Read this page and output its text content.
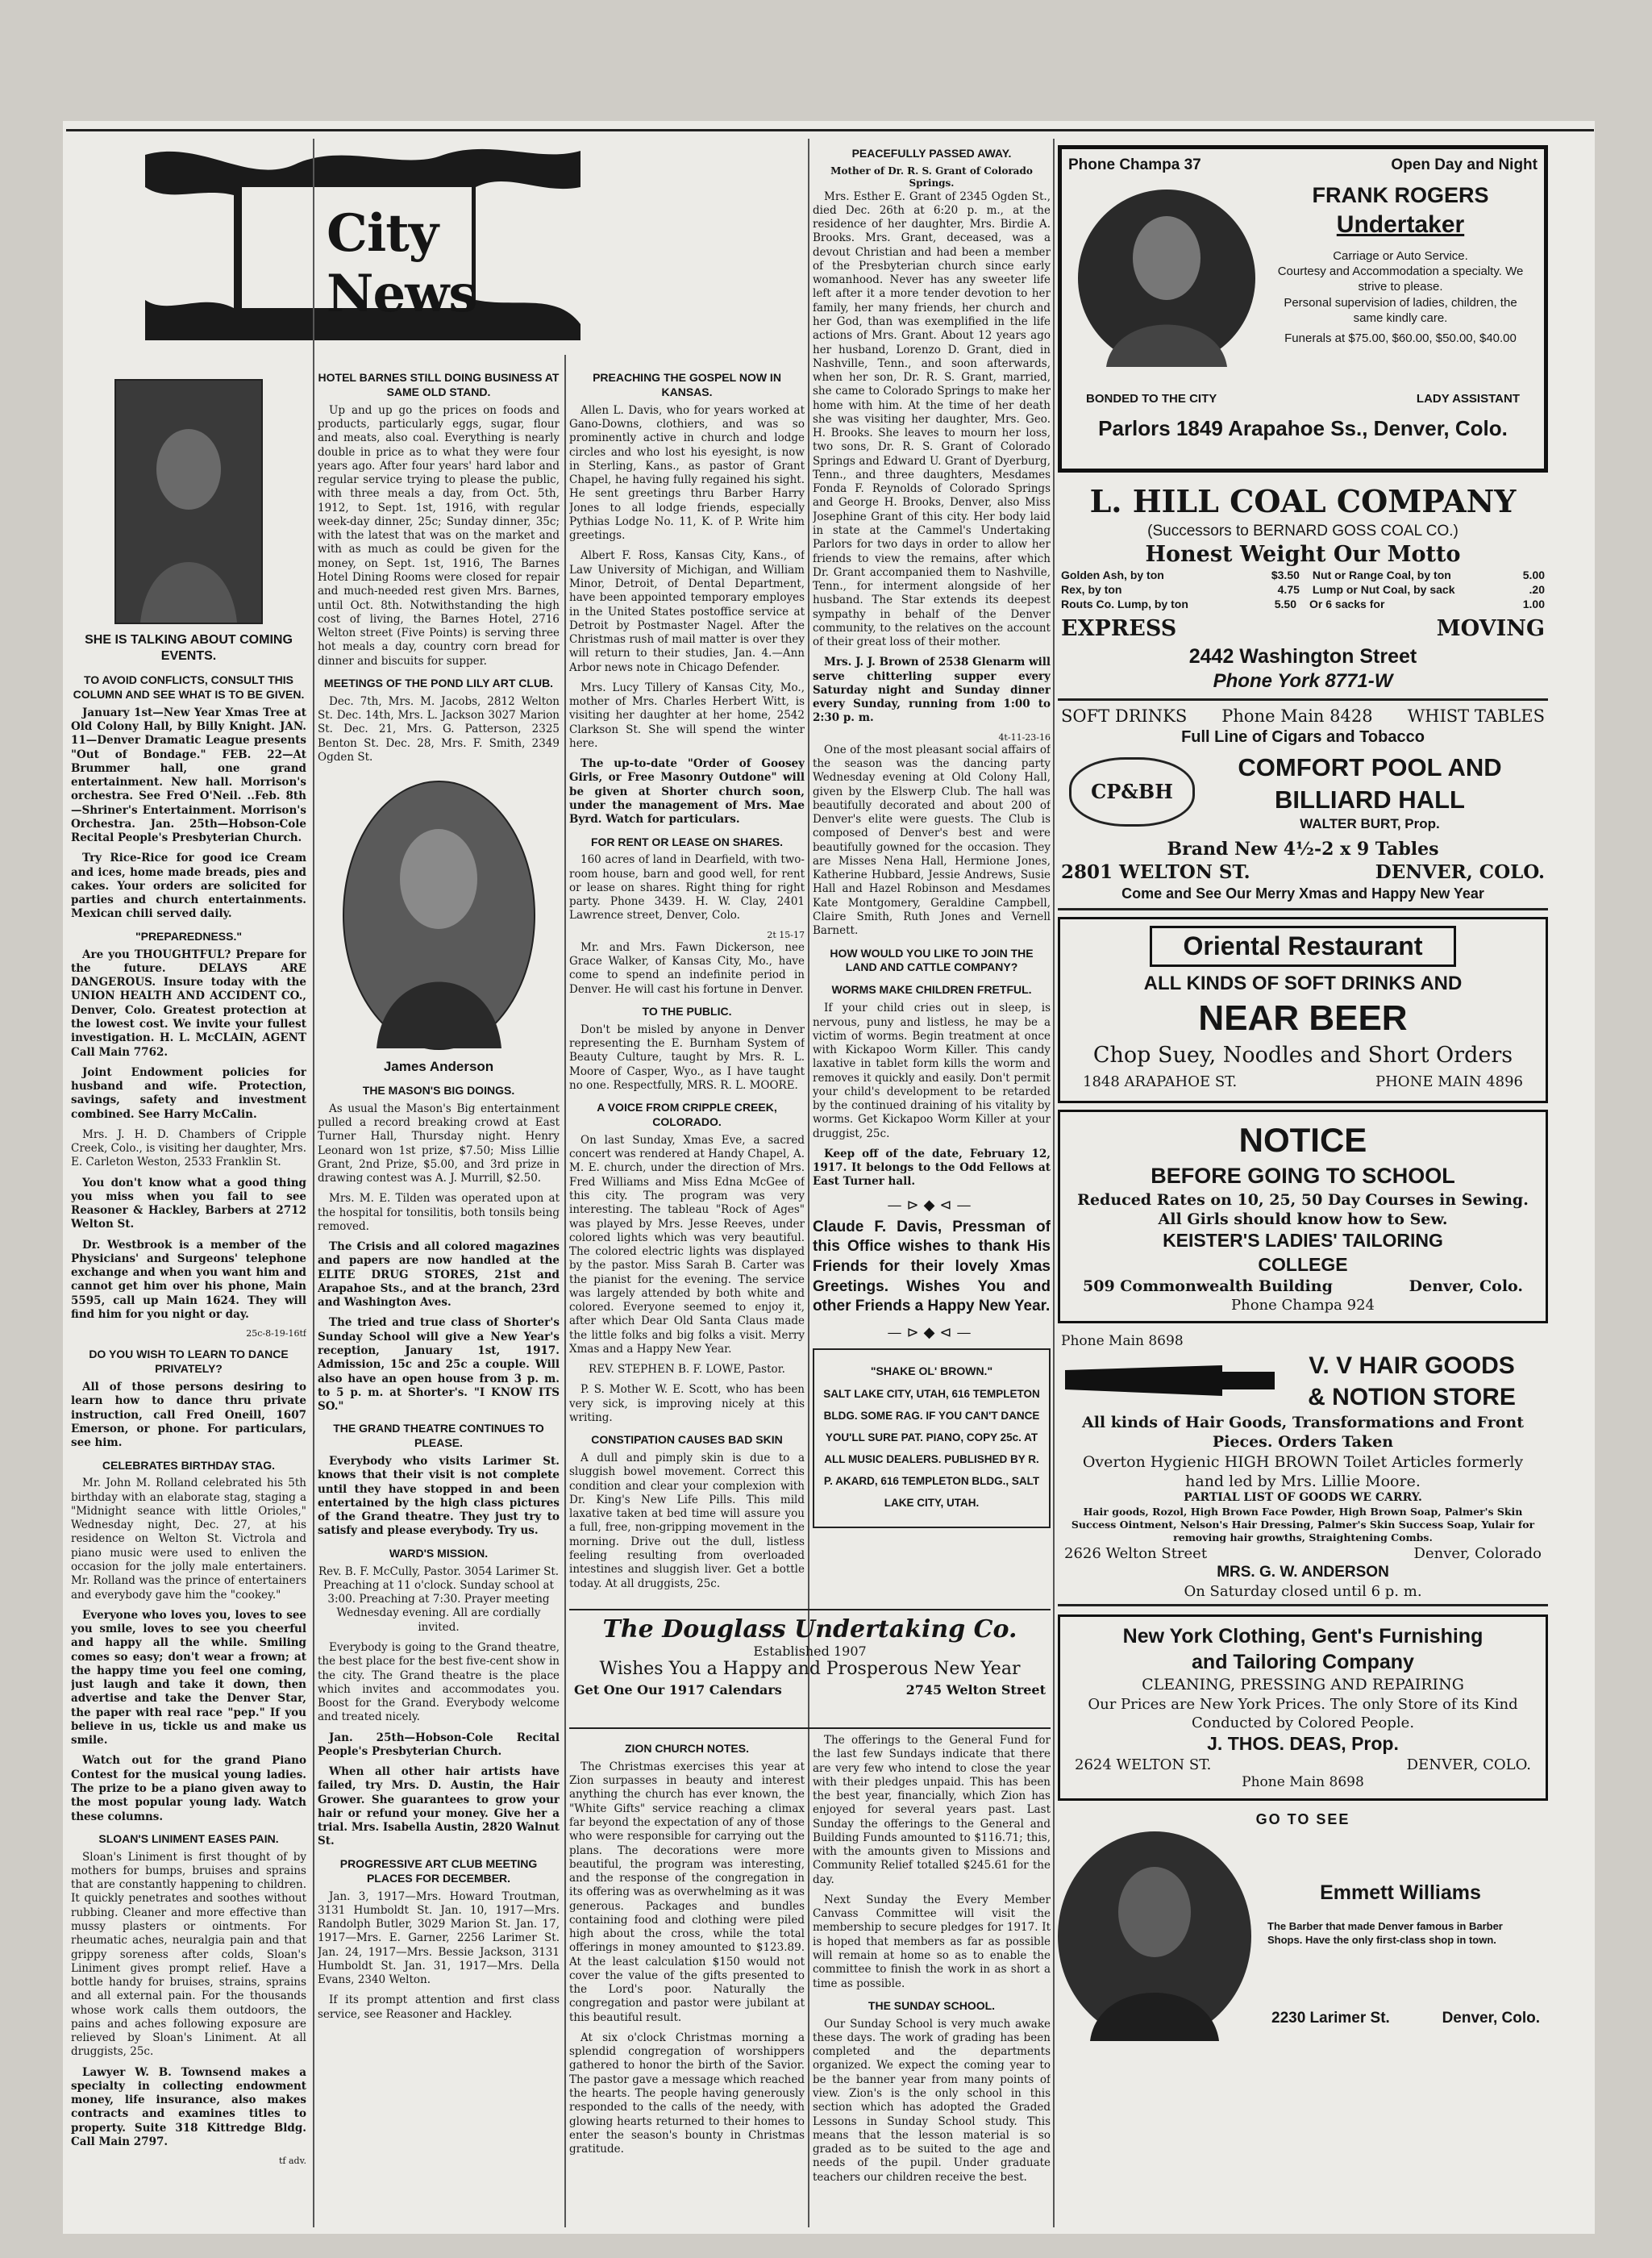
City News
SHE IS TALKING ABOUT COMING EVENTS.
TO AVOID CONFLICTS, CONSULT THIS COLUMN AND SEE WHAT IS TO BE GIVEN.

January 1st—New Year Xmas Tree at Old Colony Hall, by Billy Knight. JAN. 11—Denver Dramatic League presents "Out of Bondage." FEB. 22—At Brummer hall, one grand entertainment. New hall. Morrison's orchestra. See Fred O'Neil. ..Feb. 8th—Shriner's Entertainment. Morrison's Orchestra. Jan. 25th—Hobson-Cole Recital People's Presbyterian Church.

Try Rice-Rice for good ice Cream and ices, home made breads, pies and cakes. Your orders are solicited for parties and church entertainments. Mexican chili served daily.

"PREPAREDNESS."

Are you THOUGHTFUL? Prepare for the future. DELAYS ARE DANGEROUS. Insure today with the UNION HEALTH AND ACCIDENT CO., Denver, Colo. Greatest protection at the lowest cost. We invite your fullest investigation. H. L. McCLAIN, AGENT Call Main 7762.

Joint Endowment policies for husband and wife. Protection, savings, safety and investment combined. See Harry McCalin.

Mrs. J. H. D. Chambers of Cripple Creek, Colo., is visiting her daughter, Mrs. E. Carleton Weston, 2533 Franklin St.

You don't know what a good thing you miss when you fail to see Reasoner & Hackley, Barbers at 2712 Welton St.

Dr. Westbrook is a member of the Physicians' and Surgeons' telephone exchange and when you want him and cannot get him over his phone, Main 5595, call up Main 1624. They will find him for you night or day.

25c-8-19-16tf
DO YOU WISH TO LEARN TO DANCE PRIVATELY?

All of those persons desiring to learn how to dance thru private instruction, call Fred Oneill, 1607 Emerson, or phone. For particulars, see him.

CELEBRATES BIRTHDAY STAG.

Mr. John M. Rolland celebrated his 5th birthday with an elaborate stag, staging a "Midnight seance with little Orioles," Wednesday night, Dec. 27, at his residence on Welton St. Victrola and piano music were used to enliven the occasion for the jolly male entertainers. Mr. Rolland was the prince of entertainers and everybody gave him the "cookey."

Everyone who loves you, loves to see you smile, loves to see you cheerful and happy all the while. Smiling comes so easy; don't wear a frown; at the happy time you feel one coming, just laugh and take it down, then advertise and take the Denver Star, the paper with real race "pep." If you believe in us, tickle us and make us smile.

Watch out for the grand Piano Contest for the musical young ladies. The prize to be a piano given away to the most popular young lady. Watch these columns.

SLOAN'S LINIMENT EASES PAIN.

Sloan's Liniment is first thought of by mothers for bumps, bruises and sprains that are constantly happening to children. It quickly penetrates and soothes without rubbing. Cleaner and more effective than mussy plasters or ointments. For rheumatic aches, neuralgia pain and that grippy soreness after colds, Sloan's Liniment gives prompt relief. Have a bottle handy for bruises, strains, sprains and all external pain. For the thousands whose work calls them outdoors, the pains and aches following exposure are relieved by Sloan's Liniment. At all druggists, 25c.

Lawyer W. B. Townsend makes a specialty in collecting endowment money, life insurance, also makes contracts and examines titles to property. Suite 318 Kittredge Bldg. Call Main 2797.

tf adv.
HOTEL BARNES STILL DOING BUSINESS AT SAME OLD STAND.

Up and up go the prices on foods and products, particularly eggs, sugar, flour and meats, also coal. Everything is nearly double in price as to what they were four years ago. After four years' hard labor and regular service trying to please the public, with three meals a day, from Oct. 5th, 1912, to Sept. 1st, 1916, with regular week-day dinner, 25c; Sunday dinner, 35c; with the latest that was on the market and with as much as could be given for the money, on Sept. 1st, 1916, The Barnes Hotel Dining Rooms were closed for repair and much-needed rest given Mrs. Barnes, until Oct. 8th. Notwithstanding the high cost of living, the Barnes Hotel, 2716 Welton street (Five Points) is serving three hot meals a day, country corn bread for dinner and biscuits for supper.

MEETINGS OF THE POND LILY ART CLUB.

Dec. 7th, Mrs. M. Jacobs, 2812 Welton St. Dec. 14th, Mrs. L. Jackson 3027 Marion St. Dec. 21, Mrs. G. Patterson, 2325 Benton St. Dec. 28, Mrs. F. Smith, 2349 Ogden St.

James Anderson
THE MASON'S BIG DOINGS.

As usual the Mason's Big entertainment pulled a record breaking crowd at East Turner Hall, Thursday night. Henry Leonard won 1st prize, $7.50; Miss Lillie Grant, 2nd Prize, $5.00, and 3rd prize in drawing contest was A. J. Murrill, $2.50.

Mrs. M. E. Tilden was operated upon at the hospital for tonsilitis, both tonsils being removed.

The Crisis and all colored magazines and papers are now handled at the ELITE DRUG STORES, 21st and Arapahoe Sts., and at the branch, 23rd and Washington Aves.

The tried and true class of Shorter's Sunday School will give a New Year's reception, January 1st, 1917. Admission, 15c and 25c a couple. Will also have an open house from 3 p. m. to 5 p. m. at Shorter's. "I KNOW ITS SO."

THE GRAND THEATRE CONTINUES TO PLEASE.

Everybody who visits Larimer St. knows that their visit is not complete until they have stopped in and been entertained by the high class pictures of the Grand theatre. They just try to satisfy and please everybody. Try us.

WARD'S MISSION.

Rev. B. F. McCully, Pastor. 3054 Larimer St. Preaching at 11 o'clock. Sunday school at 3:00. Preaching at 7:30. Prayer meeting Wednesday evening. All are cordially invited.

Everybody is going to the Grand theatre, the best place for the best five-cent show in the city. The Grand theatre is the place which invites and accommodates you. Boost for the Grand. Everybody welcome and treated nicely.

Jan. 25th—Hobson-Cole Recital People's Presbyterian Church.

When all other hair artists have failed, try Mrs. D. Austin, the Hair Grower. She guarantees to grow your hair or refund your money. Give her a trial. Mrs. Isabella Austin, 2820 Walnut St.

PROGRESSIVE ART CLUB MEETING PLACES FOR DECEMBER.

Jan. 3, 1917—Mrs. Howard Troutman, 3131 Humboldt St. Jan. 10, 1917—Mrs. Randolph Butler, 3029 Marion St. Jan. 17, 1917—Mrs. E. Garner, 2256 Larimer St. Jan. 24, 1917—Mrs. Bessie Jackson, 3131 Humboldt St. Jan. 31, 1917—Mrs. Della Evans, 2340 Welton.

If its prompt attention and first class service, see Reasoner and Hackley.

PREACHING THE GOSPEL NOW IN KANSAS.

Allen L. Davis, who for years worked at Gano-Downs, clothiers, and was so prominently active in church and lodge circles and who lost his eyesight, is now in Sterling, Kans., as pastor of Grant Chapel, he having fully regained his sight. He sent greetings thru Barber Harry Jones to all lodge friends, especially Pythias Lodge No. 11, K. of P. Write him greetings.

Albert F. Ross, Kansas City, Kans., of Law University of Michigan, and William Minor, Detroit, of Dental Department, have been appointed temporary employes in the United States postoffice service at Detroit by Postmaster Nagel. After the Christmas rush of mail matter is over they will return to their studies, Jan. 4.—Ann Arbor news note in Chicago Defender.

Mrs. Lucy Tillery of Kansas City, Mo., mother of Mrs. Charles Herbert Witt, is visiting her daughter at her home, 2542 Clarkson St. She will spend the winter here.

The up-to-date "Order of Goosey Girls, or Free Masonry Outdone" will be given at Shorter church soon, under the management of Mrs. Mae Byrd. Watch for particulars.

FOR RENT OR LEASE ON SHARES.

160 acres of land in Dearfield, with two-room house, barn and good well, for rent or lease on shares. Right thing for right party. Phone 3439. H. W. Clay, 2401 Lawrence street, Denver, Colo.

2t 15-17

Mr. and Mrs. Fawn Dickerson, nee Grace Walker, of Kansas City, Mo., have come to spend an indefinite period in Denver. He will cast his fortune in Denver.

TO THE PUBLIC.

Don't be misled by anyone in Denver representing the E. Burnham System of Beauty Culture, taught by Mrs. R. L. Moore of Casper, Wyo., as I have taught no one. Respectfully, MRS. R. L. MOORE.

A VOICE FROM CRIPPLE CREEK, COLORADO.

On last Sunday, Xmas Eve, a sacred concert was rendered at Handy Chapel, A. M. E. church, under the direction of Mrs. Fred Williams and Miss Edna McGee of this city. The program was very interesting. The tableau "Rock of Ages" was played by Mrs. Jesse Reeves, under colored lights which was very beautiful. The colored electric lights was displayed by the pastor. Miss Sarah B. Carter was the pianist for the evening. The service was largely attended by both white and colored. Everyone seemed to enjoy it, after which Dear Old Santa Claus made the little folks and big folks a visit. Merry Xmas and a Happy New Year.

REV. STEPHEN B. F. LOWE, Pastor.

P. S. Mother W. E. Scott, who has been very sick, is improving nicely at this writing.

CONSTIPATION CAUSES BAD SKIN

A dull and pimply skin is due to a sluggish bowel movement. Correct this condition and clear your complexion with Dr. King's New Life Pills. This mild laxative taken at bed time will assure you a full, free, non-gripping movement in the morning. Drive out the dull, listless feeling resulting from overloaded intestines and sluggish liver. Get a bottle today. At all druggists, 25c.

PEACEFULLY PASSED AWAY.
Mother of Dr. R. S. Grant of Colorado Springs.

Mrs. Esther E. Grant of 2345 Ogden St., died Dec. 26th at 6:20 p. m., at the residence of her daughter, Mrs. Birdie A. Brooks. Mrs. Grant, deceased, was a devout Christian and had been a member of the Presbyterian church since early womanhood. Never has any sweeter life left after it a more tender devotion to her family, her many friends, her church and her God, than was exemplified in the life actions of Mrs. Grant. About 12 years ago her husband, Lorenzo D. Grant, died in Nashville, Tenn., and soon afterwards, when her son, Dr. R. S. Grant, married, she came to Colorado Springs to make her home with him. At the time of her death she was visiting her daughter, Mrs. Geo. H. Brooks. She leaves to mourn her loss, two sons, Dr. R. S. Grant of Colorado Springs and Edward U. Grant of Dyerburg, Tenn., and three daughters, Mesdames Fonda F. Reynolds of Colorado Springs and George H. Brooks, Denver, also Miss Josephine Grant of this city. Her body laid in state at the Cammel's Undertaking Parlors for two days in order to allow her friends to view the remains, after which Dr. Grant accompanied them to Nashville, Tenn., for interment alongside of her husband. The Star extends its deepest sympathy in behalf of the Denver community, to the relatives on the account of their great loss of their mother.

Mrs. J. J. Brown of 2538 Glenarm will serve chitterling supper every Saturday night and Sunday dinner every Sunday, running from 1:00 to 2:30 p. m.

4t-11-23-16

One of the most pleasant social affairs of the season was the dancing party Wednesday evening at Old Colony Hall, given by the Elswerp Club. The hall was beautifully decorated and about 200 of Denver's elite were guests. The Club is composed of Denver's best and were beautifully gowned for the occasion. They are Misses Nena Hall, Hermione Jones, Katherine Hubbard, Jessie Andrews, Susie Hall and Hazel Robinson and Mesdames Kate Montgomery, Geraldine Campbell, Claire Smith, Ruth Jones and Vernell Barnett.

HOW WOULD YOU LIKE TO JOIN THE LAND AND CATTLE COMPANY?
WORMS MAKE CHILDREN FRETFUL.

If your child cries out in sleep, is nervous, puny and listless, he may be a victim of worms. Begin treatment at once with Kickapoo Worm Killer. This candy laxative in tablet form kills the worm and removes it quickly and easily. Don't permit your child's development to be retarded by the continued draining of his vitality by worms. Get Kickapoo Worm Killer at your druggist, 25c.

Keep off of the date, February 12, 1917. It belongs to the Odd Fellows at East Turner hall.

—⊳◆⊲—

Claude F. Davis, Pressman of this Office wishes to thank His Friends for their lovely Xmas Greetings. Wishes You and other Friends a Happy New Year.

—⊳◆⊲—
"SHAKE OL' BROWN."

SALT LAKE CITY, UTAH, 616 TEMPLETON BLDG. SOME RAG. IF YOU CAN'T DANCE YOU'LL SURE PAT. PIANO, COPY 25c. AT ALL MUSIC DEALERS. PUBLISHED BY R. P. AKARD, 616 TEMPLETON BLDG., SALT LAKE CITY, UTAH.

The Douglass Undertaking Co.
Established 1907
Wishes You a Happy and Prosperous New Year
Get One Our 1917 Calendars	2745 Welton Street
ZION CHURCH NOTES.

The Christmas exercises this year at Zion surpasses in beauty and interest anything the church has ever known, the "White Gifts" service reaching a climax far beyond the expectation of any of those who were responsible for carrying out the plans. The decorations were more beautiful, the program was interesting, and the response of the congregation in its offering was as overwhelming as it was generous. Packages and bundles containing food and clothing were piled high about the cross, while the total offerings in money amounted to $123.89. At the least calculation $150 would not cover the value of the gifts presented to the Lord's poor. Naturally the congregation and pastor were jubilant at this beautiful result.

At six o'clock Christmas morning a splendid congregation of worshippers gathered to honor the birth of the Savior. The pastor gave a message which reached the hearts. The people having generously responded to the calls of the needy, with glowing hearts returned to their homes to enter the season's bounty in Christmas gratitude.

The offerings to the General Fund for the last few Sundays indicate that there are very few who intend to close the year with their pledges unpaid. This has been the best year, financially, which Zion has enjoyed for several years past. Last Sunday the offerings to the General and Building Funds amounted to $116.71; this, with the amounts given to Missions and Community Relief totalled $245.61 for the day.

Next Sunday the Every Member Canvass Committee will visit the membership to secure pledges for 1917. It is hoped that members as far as possible will remain at home so as to enable the committee to finish the work in as short a time as possible.

THE SUNDAY SCHOOL.

Our Sunday School is very much awake these days. The work of grading has been completed and the departments organized. We expect the coming year to be the banner year from many points of view. Zion's is the only school in this section which has adopted the Graded Lessons in Sunday School study. This means that the lesson material is so graded as to be suited to the age and needs of the pupil. Under graduate teachers our children receive the best.

Phone Champa 37	Open Day and Night
FRANK ROGERS
Undertaker
Carriage or Auto Service.
Courtesy and Accommodation a specialty. We strive to please.
Personal supervision of ladies, children, the same kindly care.
Funerals at $75.00, $60.00, $50.00, $40.00
BONDED TO THE CITY	LADY ASSISTANT
Parlors 1849 Arapahoe Ss., Denver, Colo.
L. HILL COAL COMPANY
(Successors to BERNARD GOSS COAL CO.)
Honest Weight Our Motto
Golden Ash, by ton	$3.50 Nut or Range Coal, by ton	5.00
Rex, by ton	4.75 Lump or Nut Coal, by sack	.20
Routs Co. Lump, by ton	5.50 Or 6 sacks for	1.00
EXPRESS	MOVING
2442 Washington Street
Phone York 8771-W
SOFT DRINKS Phone Main 8428 WHIST TABLES
Full Line of Cigars and Tobacco
CP&BH
COMFORT POOL AND
BILLIARD HALL
WALTER BURT, Prop.
Brand New 4½-2 x 9 Tables
2801 WELTON ST.	DENVER, COLO.
Come and See Our Merry Xmas and Happy New Year
Oriental Restaurant
ALL KINDS OF SOFT DRINKS AND
NEAR BEER
Chop Suey, Noodles and Short Orders
1848 ARAPAHOE ST.	PHONE MAIN 4896
NOTICE
BEFORE GOING TO SCHOOL
Reduced Rates on 10, 25, 50 Day Courses in Sewing.
All Girls should know how to Sew.
KEISTER'S LADIES' TAILORING
COLLEGE
509 Commonwealth Building	Denver, Colo.
Phone Champa 924
Phone Main 8698
V. V HAIR GOODS
& NOTION STORE
All kinds of Hair Goods, Transformations and Front Pieces. Orders Taken
Overton Hygienic HIGH BROWN Toilet Articles formerly hand led by Mrs. Lillie Moore.
PARTIAL LIST OF GOODS WE CARRY.
Hair goods, Rozol, High Brown Face Powder, High Brown Soap, Palmer's Skin Success Ointment, Nelson's Hair Dressing, Palmer's Skin Success Soap, Yulair for removing hair growths, Straightening Combs.
2626 Welton Street	Denver, Colorado
MRS. G. W. ANDERSON
On Saturday closed until 6 p. m.
New York Clothing, Gent's Furnishing
and Tailoring Company
CLEANING, PRESSING AND REPAIRING
Our Prices are New York Prices. The only Store of its Kind Conducted by Colored People.
J. THOS. DEAS, Prop.
2624 WELTON ST.	DENVER, COLO.
Phone Main 8698
GO TO SEE
Emmett Williams
The Barber that made Denver famous in Barber Shops. Have the only first-class shop in town.
2230 Larimer St.	Denver, Colo.
